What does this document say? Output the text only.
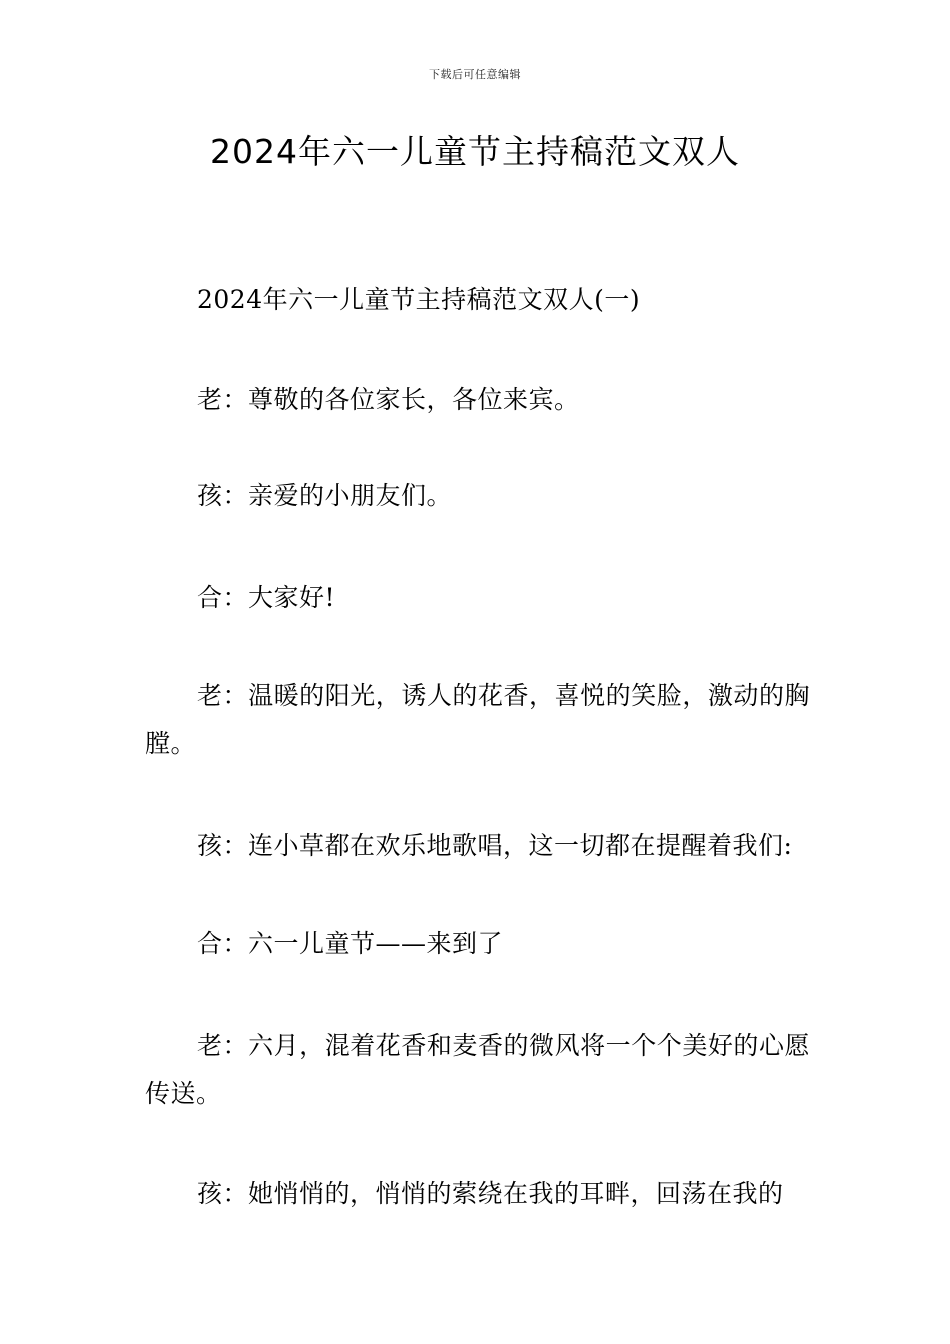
下载后可任意编辑
2024年六一儿童节主持稿范文双人

2024年六一儿童节主持稿范文双人(一)

老：尊敬的各位家长，各位来宾。

孩：亲爱的小朋友们。

合：大家好!

老：温暖的阳光，诱人的花香，喜悦的笑脸，激动的胸膛。

孩：连小草都在欢乐地歌唱，这一切都在提醒着我们:

合：六一儿童节——来到了

老：六月，混着花香和麦香的微风将一个个美好的心愿传送。

孩：她悄悄的，悄悄的萦绕在我的耳畔，回荡在我的
